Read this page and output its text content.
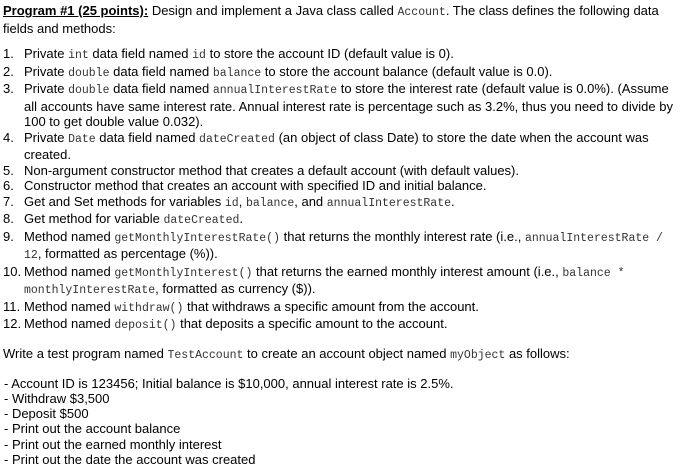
Program #1 (25 points): Design and implement a Java class called Account. The class defines the following data fields and methods:

1. Private int data field named id to store the account ID (default value is 0).
2. Private double data field named balance to store the account balance (default value is 0.0).
3. Private double data field named annualInterestRate to store the interest rate (default value is 0.0%). (Assume all accounts have same interest rate. Annual interest rate is percentage such as 3.2%, thus you need to divide by 100 to get double value 0.032).
4. Private Date data field named dateCreated (an object of class Date) to store the date when the account was created.
5. Non-argument constructor method that creates a default account (with default values).
6. Constructor method that creates an account with specified ID and initial balance.
7. Get and Set methods for variables id, balance, and annualInterestRate.
8. Get method for variable dateCreated.
9. Method named getMonthlyInterestRate() that returns the monthly interest rate (i.e., annualInterestRate / 12, formatted as percentage (%)).
10. Method named getMonthlyInterest() that returns the earned monthly interest amount (i.e., balance * monthlyInterestRate, formatted as currency ($)).
11. Method named withdraw() that withdraws a specific amount from the account.
12. Method named deposit() that deposits a specific amount to the account.

Write a test program named TestAccount to create an account object named myObject as follows:

- Account ID is 123456; Initial balance is $10,000, annual interest rate is 2.5%.
- Withdraw $3,500
- Deposit $500
- Print out the account balance
- Print out the earned monthly interest
- Print out the date the account was created
